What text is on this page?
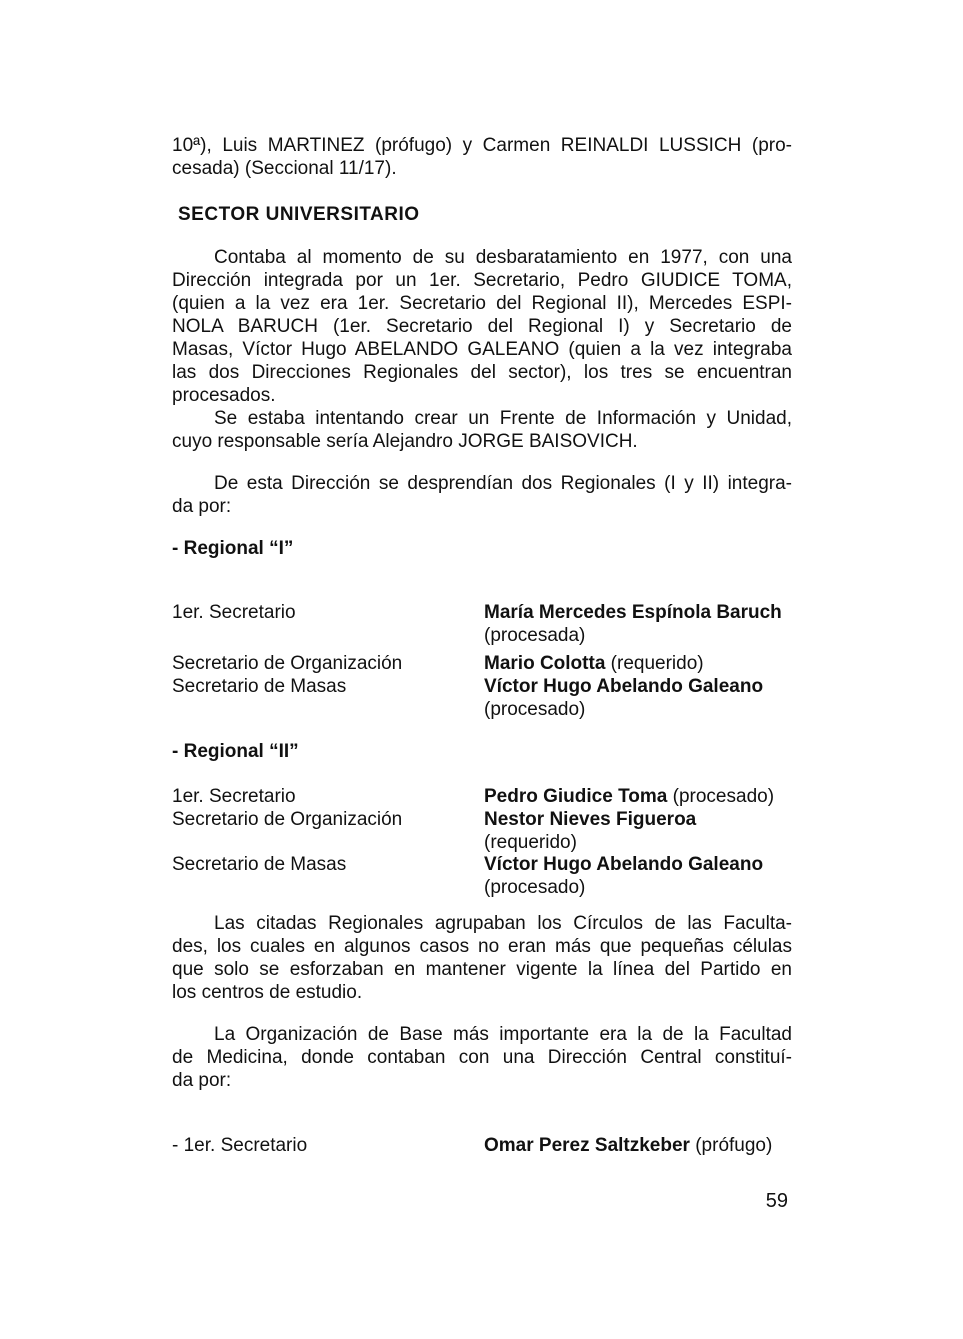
10ª), Luis MARTINEZ (prófugo) y Carmen REINALDI LUSSICH (pro-
cesada) (Seccional 11/17).

SECTOR UNIVERSITARIO

Contaba al momento de su desbaratamiento en 1977, con una
Dirección integrada por un 1er. Secretario, Pedro GIUDICE TOMA,
(quien a la vez era 1er. Secretario del Regional II), Mercedes ESPI-
NOLA BARUCH (1er. Secretario del Regional I) y Secretario de
Masas, Víctor Hugo ABELANDO GALEANO (quien a la vez integraba
las dos Direcciones Regionales del sector), los tres se encuentran
procesados.

Se estaba intentando crear un Frente de Información y Unidad,
cuyo responsable sería Alejandro JORGE BAISOVICH.

De esta Dirección se desprendían dos Regionales (I y II) integra-
da por:

- Regional “I”
1er. Secretario	María Mercedes Espínola Baruch
(procesada)
Secretario de Organización	Mario Colotta (requerido)
Secretario de Masas	Víctor Hugo Abelando Galeano
(procesado)
- Regional “II”
1er. Secretario	Pedro Giudice Toma (procesado)
Secretario de Organización	Nestor Nieves Figueroa
(requerido)
Secretario de Masas	Víctor Hugo Abelando Galeano
(procesado)

Las citadas Regionales agrupaban los Círculos de las Faculta-
des, los cuales en algunos casos no eran más que pequeñas células
que solo se esforzaban en mantener vigente la línea del Partido en
los centros de estudio.

La Organización de Base más importante era la de la Facultad
de Medicina, donde contaban con una Dirección Central constituí-
da por:

- 1er. Secretario	Omar Perez Saltzkeber (prófugo)
59
